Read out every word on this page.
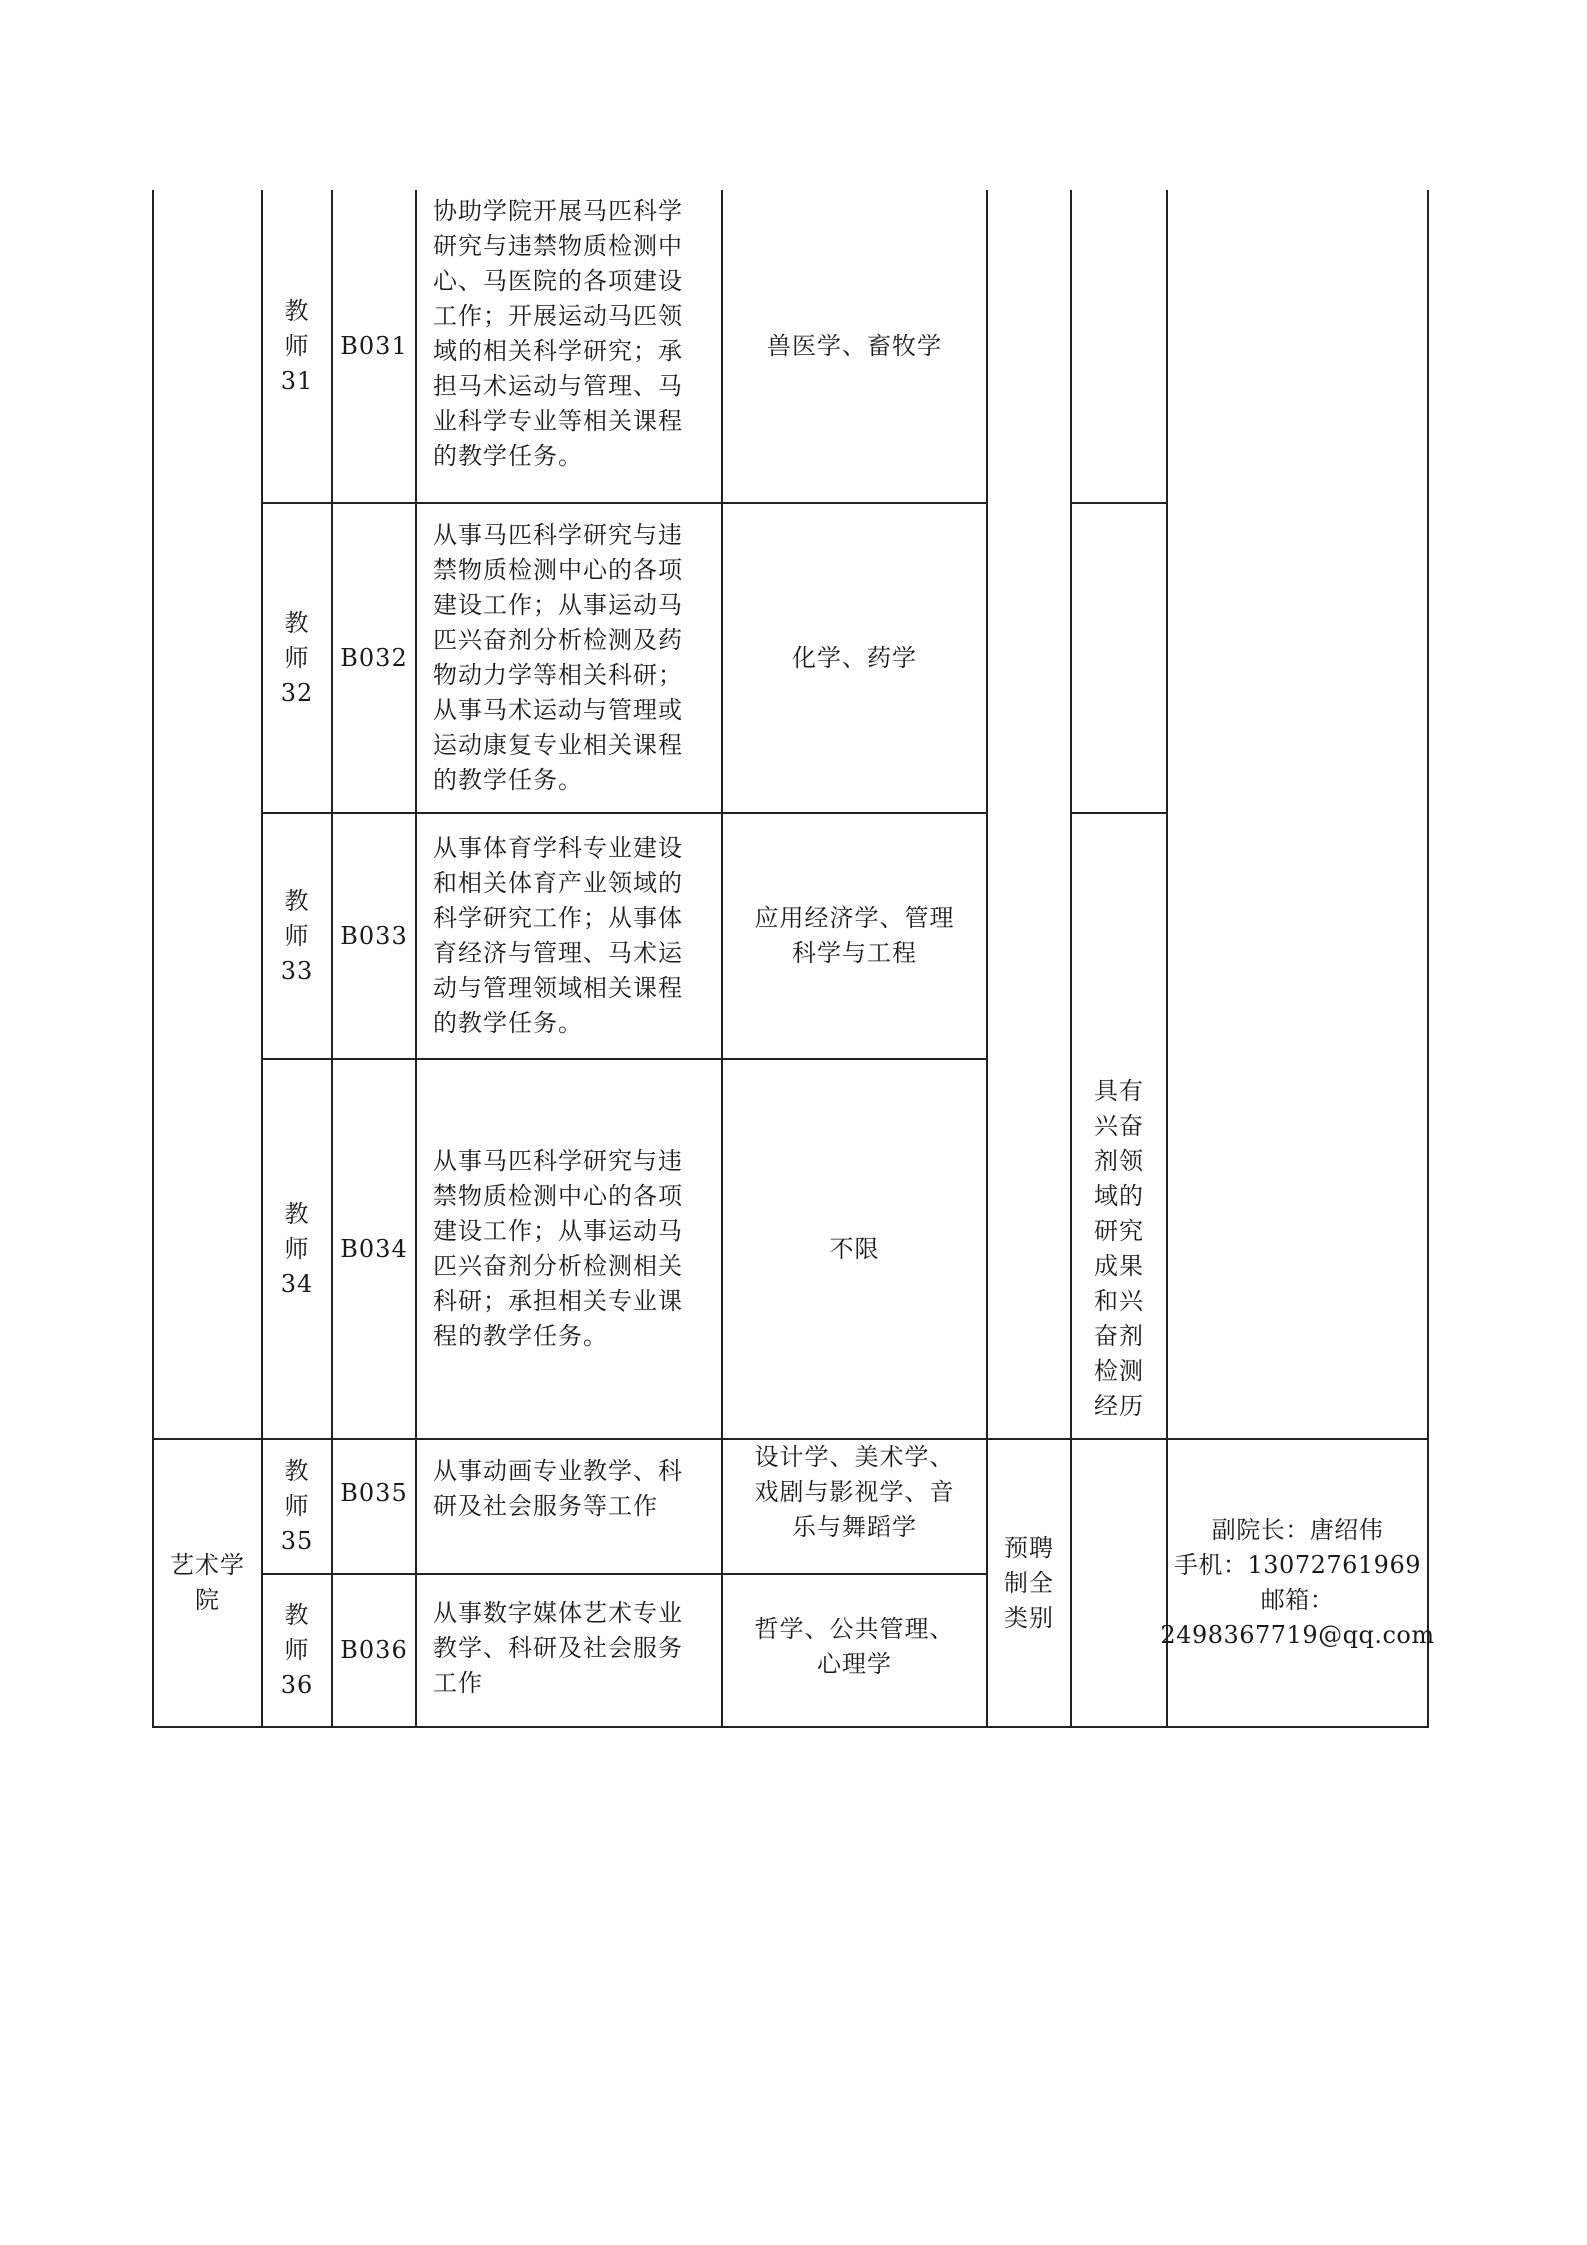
教
师
31
B031
协助学院开展马匹科学
研究与违禁物质检测中
心、马医院的各项建设
工作；开展运动马匹领
域的相关科学研究；承
担马术运动与管理、马
业科学专业等相关课程
的教学任务。
兽医学、畜牧学
教
师
32
B032
从事马匹科学研究与违
禁物质检测中心的各项
建设工作；从事运动马
匹兴奋剂分析检测及药
物动力学等相关科研；
从事马术运动与管理或
运动康复专业相关课程
的教学任务。
化学、药学
教
师
33
B033
从事体育学科专业建设
和相关体育产业领域的
科学研究工作；从事体
育经济与管理、马术运
动与管理领域相关课程
的教学任务。
应用经济学、管理
科学与工程
教
师
34
B034
从事马匹科学研究与违
禁物质检测中心的各项
建设工作；从事运动马
匹兴奋剂分析检测相关
科研；承担相关专业课
程的教学任务。
不限
具有
兴奋
剂领
域的
研究
成果
和兴
奋剂
检测
经历
艺术学
院
教
师
35
B035
从事动画专业教学、科
研及社会服务等工作
设计学、美术学、
戏剧与影视学、音
乐与舞蹈学
教
师
36
B036
从事数字媒体艺术专业
教学、科研及社会服务
工作
哲学、公共管理、
心理学
预聘
制全
类别
副院长：唐绍伟
手机：13072761969
邮箱：
2498367719@qq.com
